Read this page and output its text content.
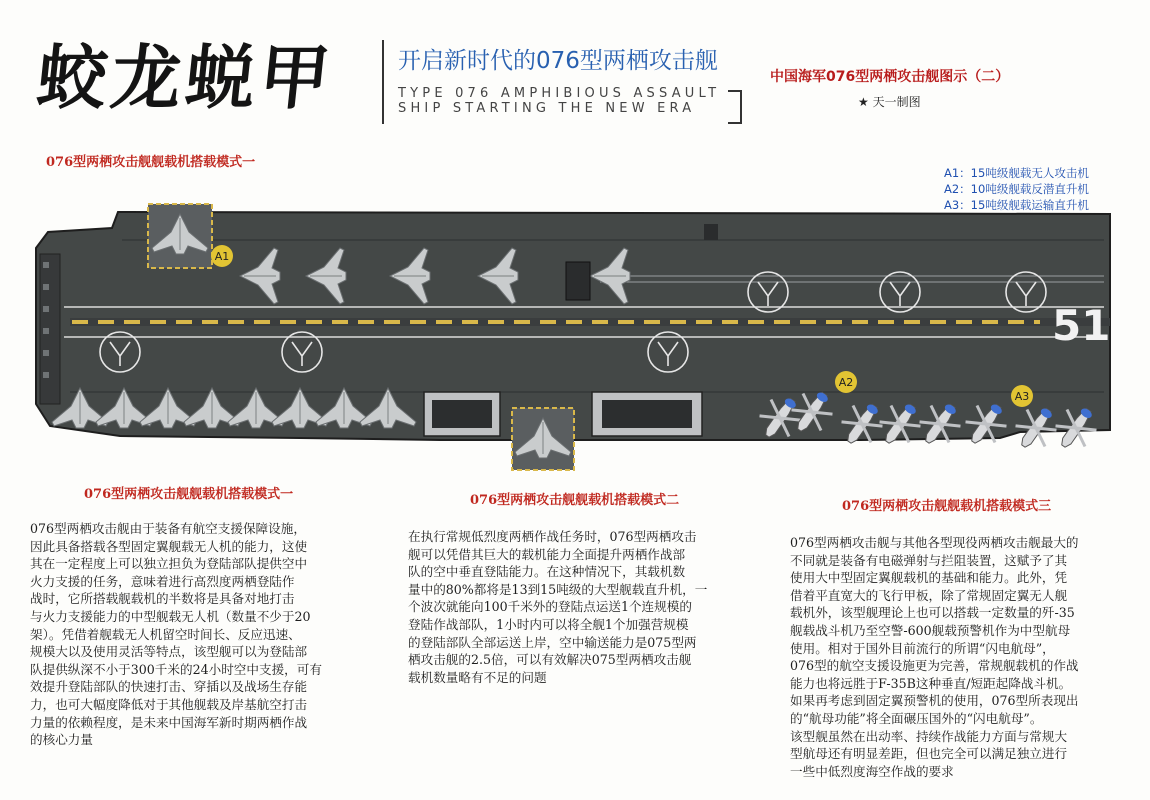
蛟龙蜕甲	开启新时代的076型两栖攻击舰
TYPE 076 AMPHIBIOUS ASSAULT
SHIP STARTING THE NEW ERA
中国海军076型两栖攻击舰图示（二）
★ 天一制图
076型两栖攻击舰舰载机搭载模式一
A1：15吨级舰载无人攻击机
A2：10吨级舰载反潜直升机
A3：15吨级舰载运输直升机
A1
51
A2
A3
076型两栖攻击舰舰载机搭载模式一	076型两栖攻击舰舰载机搭载模式二	076型两栖攻击舰舰载机搭载模式三
076型两栖攻击舰由于装备有航空支援保障设施，
因此具备搭载各型固定翼舰载无人机的能力，这使
其在一定程度上可以独立担负为登陆部队提供空中
火力支援的任务，意味着进行高烈度两栖登陆作
战时，它所搭载舰载机的半数将是具备对地打击
与火力支援能力的中型舰载无人机（数量不少于20
架）。凭借着舰载无人机留空时间长、反应迅速、
规模大以及使用灵活等特点，该型舰可以为登陆部
队提供纵深不小于300千米的24小时空中支援，可有
效提升登陆部队的快速打击、穿插以及战场生存能
力，也可大幅度降低对于其他舰载及岸基航空打击
力量的依赖程度，是未来中国海军新时期两栖作战
的核心力量
在执行常规低烈度两栖作战任务时，076型两栖攻击
舰可以凭借其巨大的载机能力全面提升两栖作战部
队的空中垂直登陆能力。在这种情况下，其载机数
量中的80%都将是13到15吨级的大型舰载直升机，一
个波次就能向100千米外的登陆点运送1个连规模的
登陆作战部队，1小时内可以将全舰1个加强营规模
的登陆部队全部运送上岸，空中输送能力是075型两
栖攻击舰的2.5倍，可以有效解决075型两栖攻击舰
载机数量略有不足的问题
076型两栖攻击舰与其他各型现役两栖攻击舰最大的
不同就是装备有电磁弹射与拦阻装置，这赋予了其
使用大中型固定翼舰载机的基础和能力。此外，凭
借着平直宽大的飞行甲板，除了常规固定翼无人舰
载机外，该型舰理论上也可以搭载一定数量的歼-35
舰载战斗机乃至空警-600舰载预警机作为中型航母
使用。相对于国外目前流行的所谓“闪电航母”，
076型的航空支援设施更为完善，常规舰载机的作战
能力也将远胜于F-35B这种垂直/短距起降战斗机。
如果再考虑到固定翼预警机的使用，076型所表现出
的“航母功能”将全面碾压国外的“闪电航母”。
该型舰虽然在出动率、持续作战能力方面与常规大
型航母还有明显差距，但也完全可以满足独立进行
一些中低烈度海空作战的要求
